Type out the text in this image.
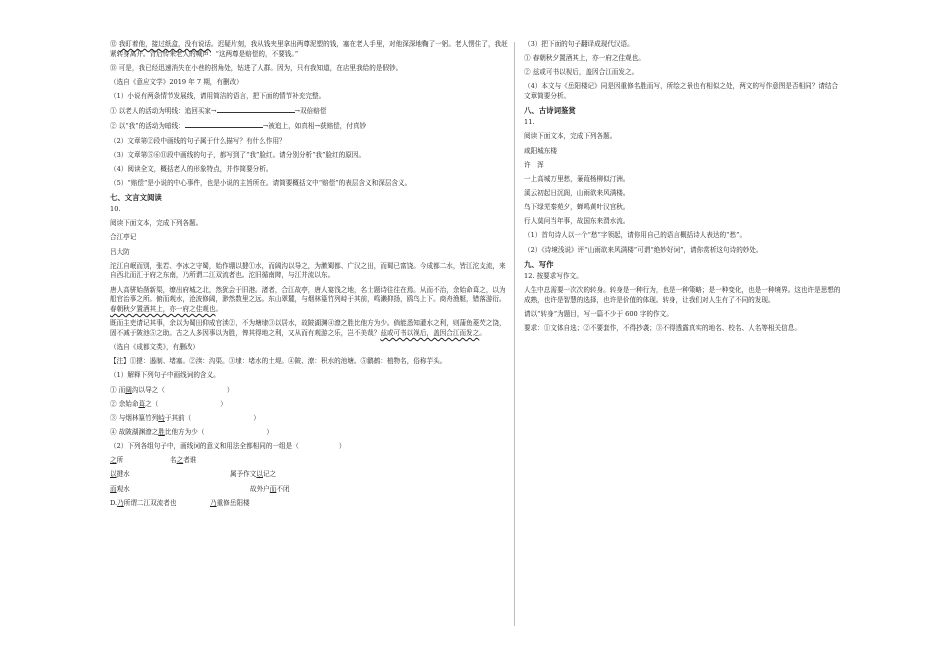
⑫ 我盯着他，接过纸盒，没有说话。迟疑片刻，我从钱夹里拿出两尊泥塑的钱，塞在老人手里，对他深深地鞠了一躬。老人愣住了，我赶紧转身离开。背后传来老人的喊声：“这两尊是赔偿的，不要钱。”

⑬ 可是，我已经迅速消失在小巷的拐角处，钻进了人群。因为，只有我知道，在店里我给的是假钞。

（选自《意应文学》2019 年 7 期，有删改）

（1）小说有两条情节发展线，请用简洁的语言，把下面的情节补充完整。

① 以老人的活动为明线：追回买家→	→双倍赔偿

② 以“我”的活动为暗线：	→被追上，如真相→获赔偿，付真钞

（2）文章第②段中画线的句子属于什么描写？有什么作用？

（3）文章第⑤⑥⑪段中画线的句子，都写到了“我”脸红。请分别分析“我”脸红的原因。

（4）阅读全文，概括老人的形象特点，并作简要分析。

（5）“赔偿”是小说的中心事件，也是小说的主旨所在。请简要概括文中“赔偿”的表层含义和深层含义。

七、文言文阅读

10.

阅读下面文本，完成下列各题。

合江亭记

吕大防

沱江自岷而别，张若、李冰之守蜀，始作堋以揵①水，而阔沟以导之，为漱蜀都、广汉之田，而蜀已富饶。今成都二水，皆江沱支流，来自西北而汇于府之东南，乃所谓二江双流者也。沱旧循南陴，与江并流以东。

唐人高骈始凿新渠，缭出府城之北，然犹会于旧港。渚者，合江故亭，唐人宴饯之地，名士题诗往往在焉。从而不治，余始命葺之，以为船官治事之所。俯而观水，沧波修阔，渺然数里之远。东山翠麓，与烟林篁竹列峙于其前，鸣濑抑扬，鸥鸟上下。商舟渔艇，错落游衍。春朝秋夕置酒其上，亦一府之佳观也。

既而主吏请记其事，余以为蜀田仰成官渎②，不为塘埭③以居水，故陂湖渊④潦之胜比他方为少。倘能悉知灌水之利，则蒲鱼菱芡之饶，固不减于陂池⑤之助。古之人多因事以为胜，俾其得地之利，又从而有观游之乐，岂不美哉？兹或可书以视后，盖因合江而发之。

（选自《成都文类》，有删改）

【注】①揵：遏制、堵塞。②渎：沟渠。③埭：堵水的土堤。④陂、潦：积水的池塘。⑤鹳鹤：植物名，俗称芋头。

（1）解释下列句子中画线词的含义。

① 而阔沟以导之（	）

② 余始命葺之（	）

③ 与烟林篁竹列峙于其前（	）

④ 故陂湖渊潦之胜比他方为少（	）

（2）下列各组句子中，画线词的意义和用法全都相同的一组是（	）

之所	名之者谁
以揵水	属予作文以记之
而观水	故外户而不闭
D.乃所谓二江双流者也	乃重修岳阳楼

（3）把下面的句子翻译成现代汉语。

① 春朝秋夕置酒其上，亦一府之佳观也。

② 兹或可书以视后，盖因合江而发之。

（4）本文与《岳阳楼记》同是因重修名胜而写，所绘之景也有相似之处，两文的写作意图是否相同？请结合文章简要分析。

八、古诗词鉴赏

11.

阅读下面文本，完成下列各题。

咸阳城东楼

许　浑

一上高城万里愁，蒹葭杨柳似汀洲。

溪云初起日沉阁，山雨欲来风满楼。

鸟下绿芜秦苑夕，蝉鸣黄叶汉宫秋。

行人莫问当年事，故国东来渭水流。

（1）首句诗人以一个“愁”字领起，请你用自己的语言概括诗人表达的“愁”。

（2）《诗境浅说》评“山雨欲来风满楼”可谓“绝妙好词”，请你赏析这句诗的妙处。

九、写作

12. 按要求写作文。

人生中总需要一次次的转身。转身是一种行为，也是一种策略；是一种变化，也是一种境界。这也许是思想的成熟，也许是智慧的选择，也许是价值的体现。转身，让我们对人生有了不同的发现。

请以“转身”为题目，写一篇不少于 600 字的作文。

要求：①文体自选；②不要套作，不得抄袭；③不得透露真实的地名、校名、人名等相关信息。
